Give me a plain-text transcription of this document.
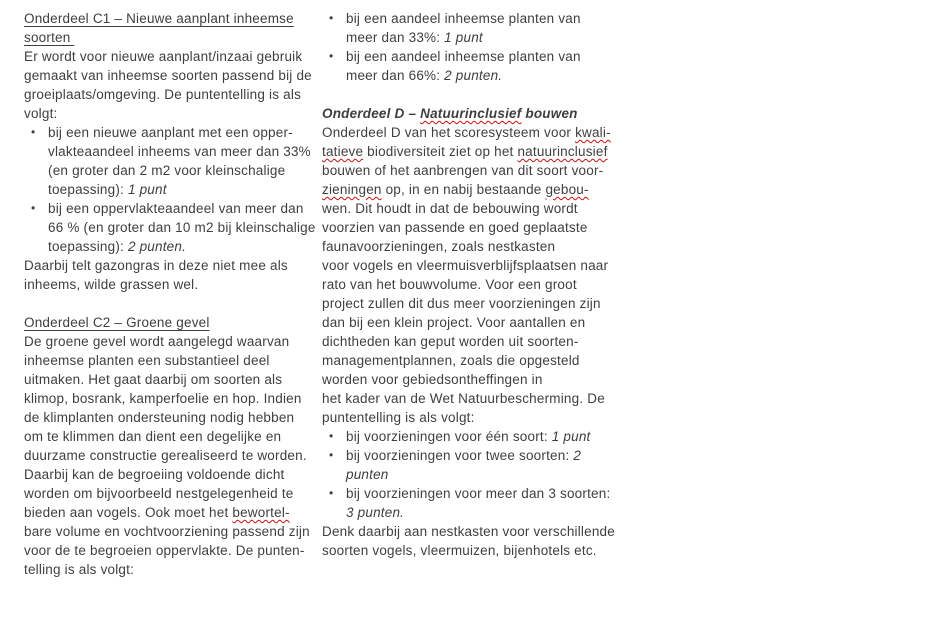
Onderdeel C1 – Nieuwe aanplant inheemse
soorten
Er wordt voor nieuwe aanplant/inzaai gebruik
gemaakt van inheemse soorten passend bij de
groeiplaats/omgeving. De puntentelling is als
volgt:
• bij een nieuwe aanplant met een opper-
vlakteaandeel inheems van meer dan 33%
(en groter dan 2 m2 voor kleinschalige
toepassing): 1 punt
• bij een oppervlakteaandeel van meer dan
66 % (en groter dan 10 m2 bij kleinschalige
toepassing): 2 punten.
Daarbij telt gazongras in deze niet mee als
inheems, wilde grassen wel.
Onderdeel C2 – Groene gevel
De groene gevel wordt aangelegd waarvan
inheemse planten een substantieel deel
uitmaken. Het gaat daarbij om soorten als
klimop, bosrank, kamperfoelie en hop. Indien
de klimplanten ondersteuning nodig hebben
om te klimmen dan dient een degelijke en
duurzame constructie gerealiseerd te worden.
Daarbij kan de begroeiing voldoende dicht
worden om bijvoorbeeld nestgelegenheid te
bieden aan vogels. Ook moet het bewortel-
bare volume en vochtvoorziening passend zijn
voor de te begroeien oppervlakte. De punten-
telling is als volgt:
• bij een aandeel inheemse planten van
meer dan 33%: 1 punt
• bij een aandeel inheemse planten van
meer dan 66%: 2 punten.
Onderdeel D – Natuurinclusief bouwen
Onderdeel D van het scoresysteem voor kwali-
tatieve biodiversiteit ziet op het natuurinclusief
bouwen of het aanbrengen van dit soort voor-
zieningen op, in en nabij bestaande gebou-
wen. Dit houdt in dat de bebouwing wordt
voorzien van passende en goed geplaatste
faunavoorzieningen, zoals nestkasten
voor vogels en vleermuisverblijfsplaatsen naar
rato van het bouwvolume. Voor een groot
project zullen dit dus meer voorzieningen zijn
dan bij een klein project. Voor aantallen en
dichtheden kan geput worden uit soorten-
managementplannen, zoals die opgesteld
worden voor gebiedsontheffingen in
het kader van de Wet Natuurbescherming. De
puntentelling is als volgt:
• bij voorzieningen voor één soort: 1 punt
• bij voorzieningen voor twee soorten: 2
punten
• bij voorzieningen voor meer dan 3 soorten:
3 punten.
Denk daarbij aan nestkasten voor verschillende
soorten vogels, vleermuizen, bijenhotels etc.
